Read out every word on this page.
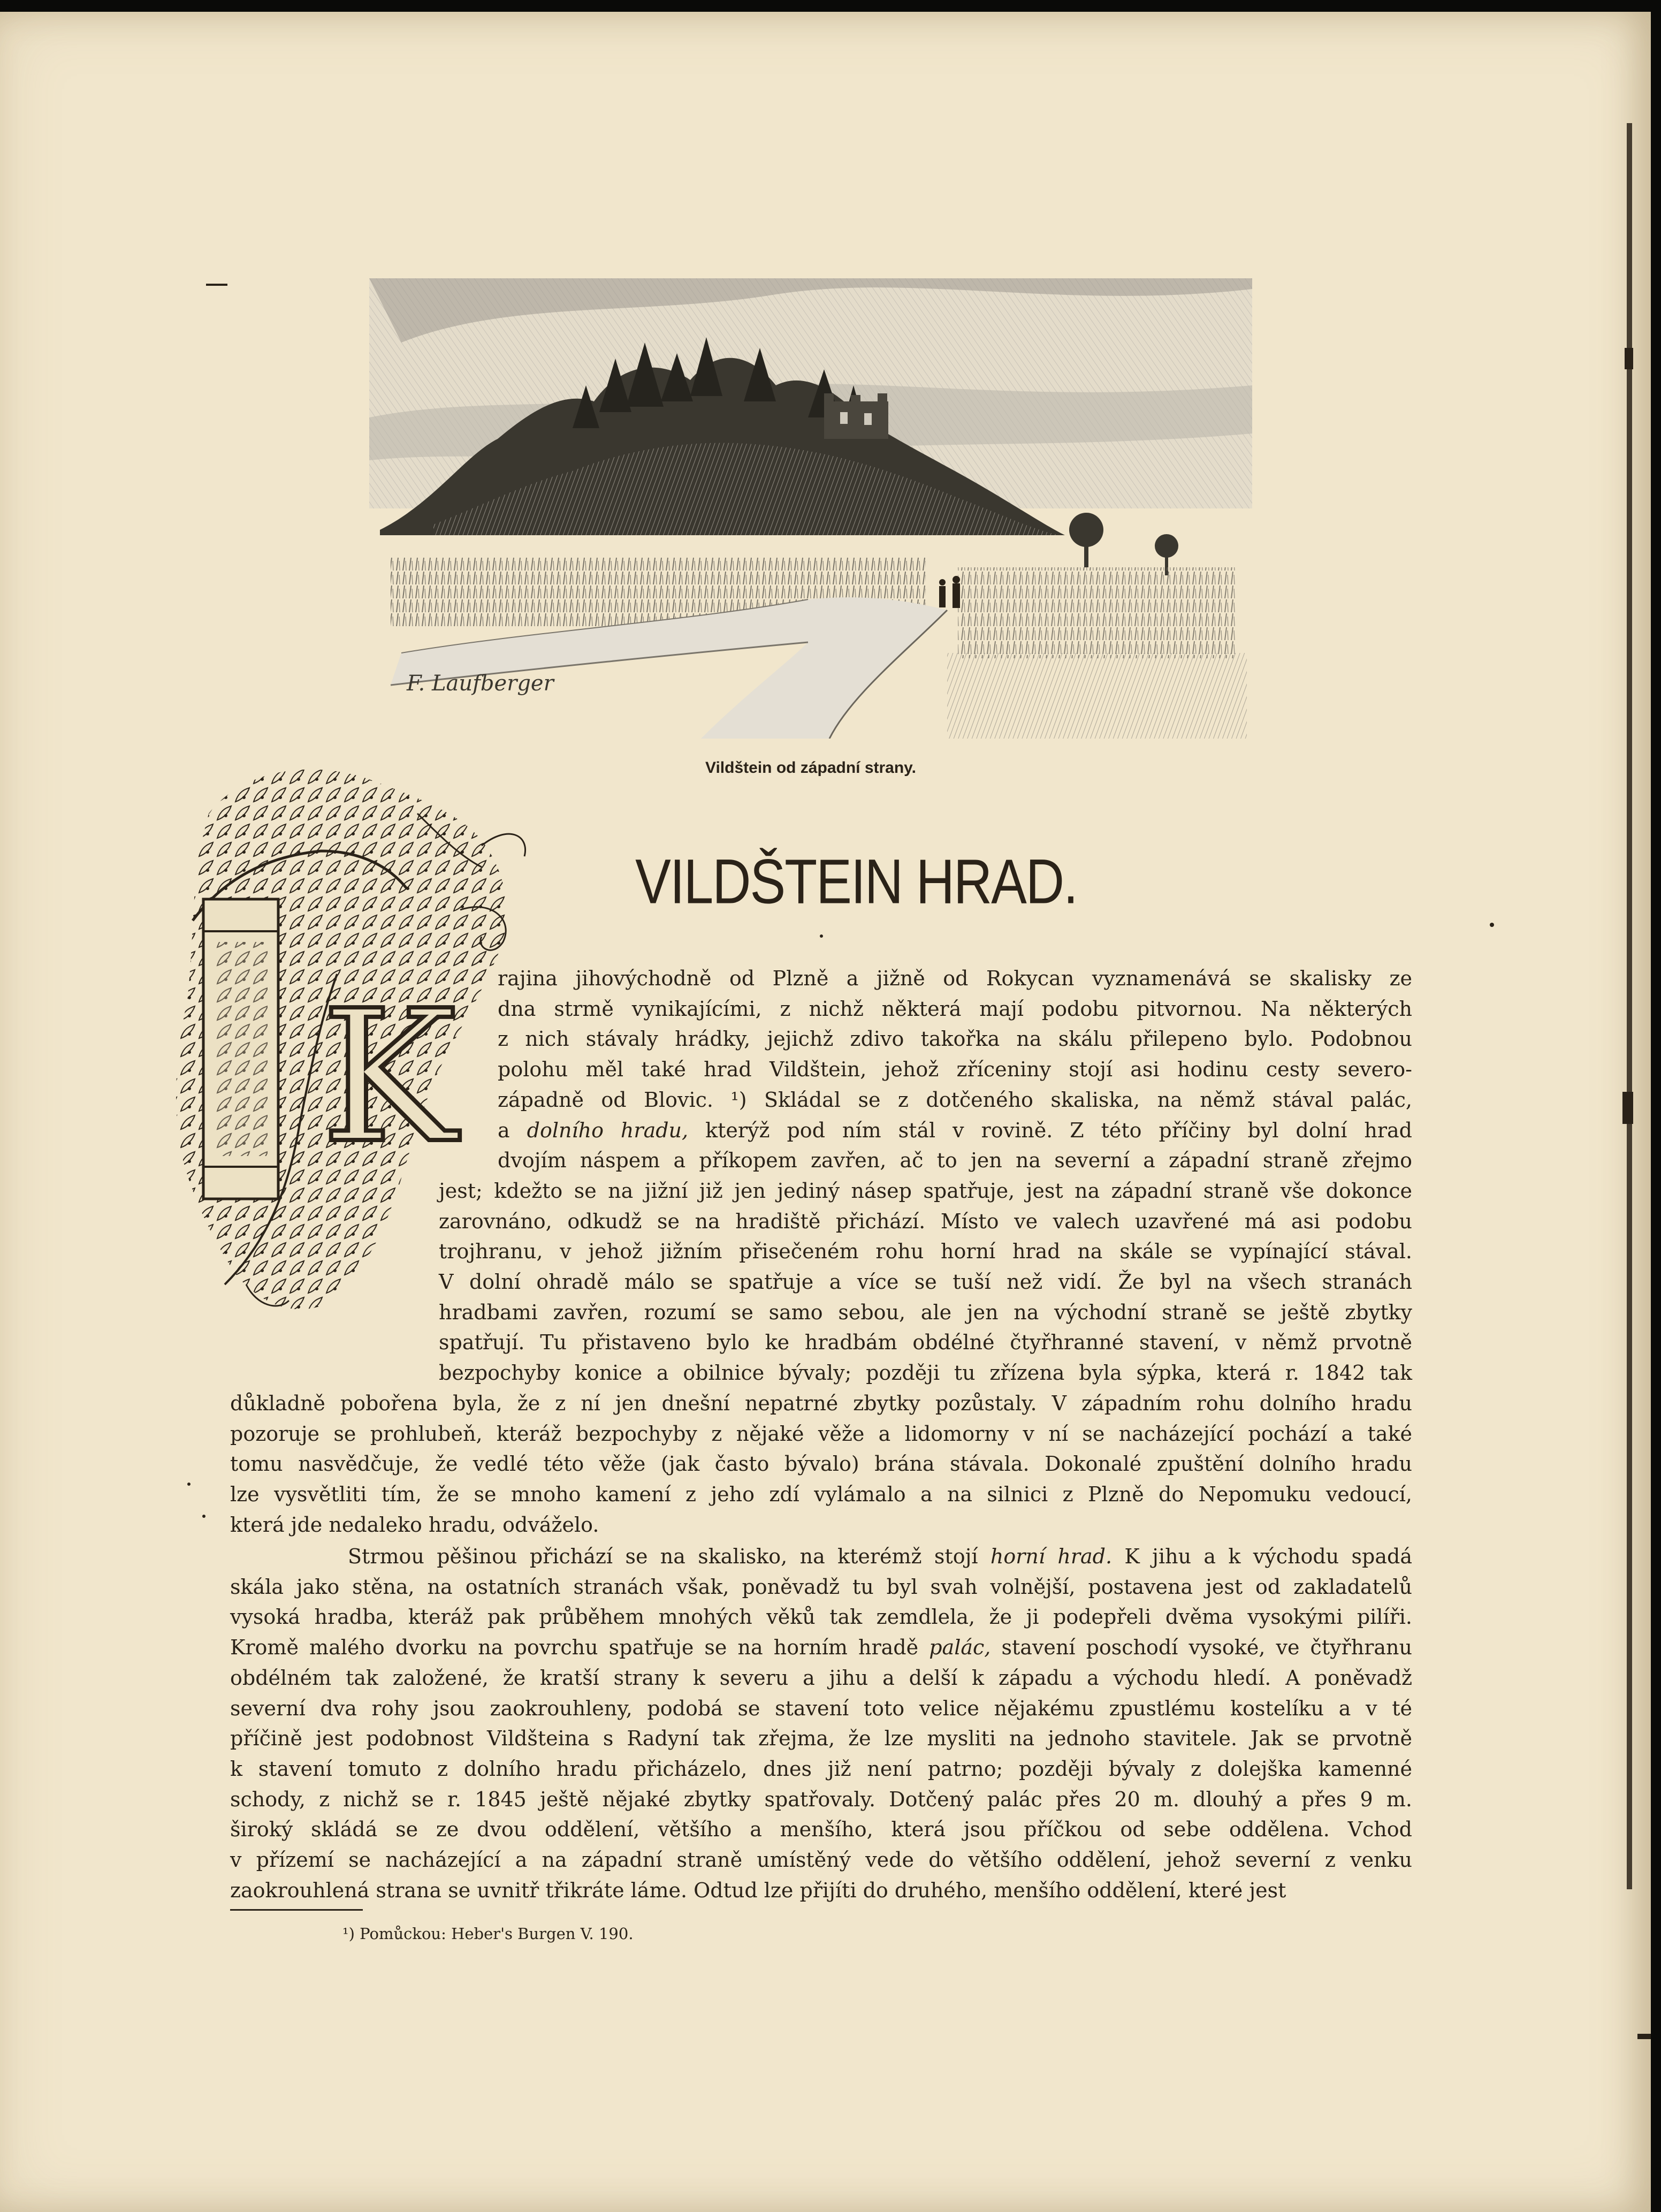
F. Laufberger
Vildštein od západní strany.
VILDŠTEIN HRAD.
K rajina jihovýchodně od Plzně a jižně od Rokycan vyznamenává se skalisky ze

dna strmě vynikajícími, z nichž některá mají podobu pitvornou. Na některých

z nich stávaly hrádky, jejichž zdivo takořka na skálu přilepeno bylo. Podobnou

polohu měl také hrad Vildštein, jehož zříceniny stojí asi hodinu cesty severo-

západně od Blovic. ¹) Skládal se z dotčeného skaliska, na němž stával palác,

a dolního hradu, kterýž pod ním stál v rovině. Z této příčiny byl dolní hrad

dvojím náspem a příkopem zavřen, ač to jen na severní a západní straně zřejmo

jest; kdežto se na jižní již jen jediný násep spatřuje, jest na západní straně vše dokonce

zarovnáno, odkudž se na hradiště přichází. Místo ve valech uzavřené má asi podobu

trojhranu, v jehož jižním přisečeném rohu horní hrad na skále se vypínající stával.

V dolní ohradě málo se spatřuje a více se tuší než vidí. Že byl na všech stranách

hradbami zavřen, rozumí se samo sebou, ale jen na východní straně se ještě zbytky

spatřují. Tu přistaveno bylo ke hradbám obdélné čtyřhranné stavení, v němž prvotně

bezpochyby konice a obilnice bývaly; později tu zřízena byla sýpka, která r. 1842 tak

důkladně pobořena byla, že z ní jen dnešní nepatrné zbytky pozůstaly. V západním rohu dolního hradu

pozoruje se prohlubeň, kteráž bezpochyby z nějaké věže a lidomorny v ní se nacházející pochází a také

tomu nasvědčuje, že vedlé této věže (jak často bývalo) brána stávala. Dokonalé zpuštění dolního hradu

lze vysvětliti tím, že se mnoho kamení z jeho zdí vylámalo a na silnici z Plzně do Nepomuku vedoucí,

která jde nedaleko hradu, odváželo.

Strmou pěšinou přichází se na skalisko, na kterémž stojí horní hrad. K jihu a k východu spadá

skála jako stěna, na ostatních stranách však, poněvadž tu byl svah volnější, postavena jest od zakladatelů

vysoká hradba, kteráž pak průběhem mnohých věků tak zemdlela, že ji podepřeli dvěma vysokými pilíři.

Kromě malého dvorku na povrchu spatřuje se na horním hradě palác, stavení poschodí vysoké, ve čtyřhranu

obdélném tak založené, že kratší strany k severu a jihu a delší k západu a východu hledí. A poněvadž

severní dva rohy jsou zaokrouhleny, podobá se stavení toto velice nějakému zpustlému kostelíku a v té

příčině jest podobnost Vildšteina s Radyní tak zřejma, že lze mysliti na jednoho stavitele. Jak se prvotně

k stavení tomuto z dolního hradu přicházelo, dnes již není patrno; později bývaly z dolejška kamenné

schody, z nichž se r. 1845 ještě nějaké zbytky spatřovaly. Dotčený palác přes 20 m. dlouhý a přes 9 m.

široký skládá se ze dvou oddělení, většího a menšího, která jsou příčkou od sebe oddělena. Vchod

v přízemí se nacházející a na západní straně umístěný vede do většího oddělení, jehož severní z venku

zaokrouhlená strana se uvnitř třikráte láme. Odtud lze přijíti do druhého, menšího oddělení, které jest

¹) Pomůckou: Heber's Burgen V. 190.
